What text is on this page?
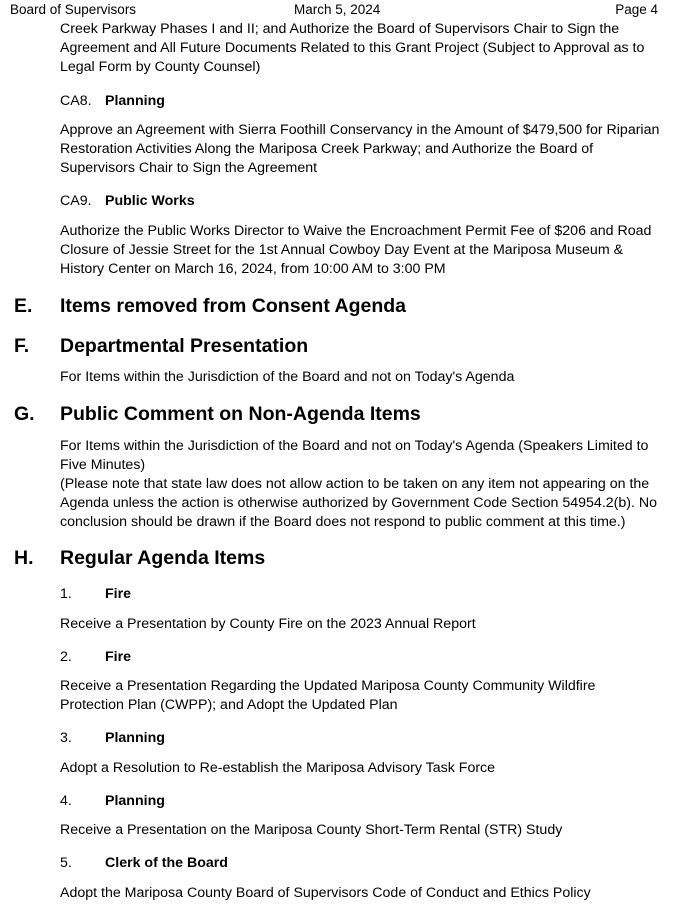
Board of Supervisors	March 5, 2024	Page 4

Creek Parkway Phases I and II; and Authorize the Board of Supervisors Chair to Sign the Agreement and All Future Documents Related to this Grant Project (Subject to Approval as to Legal Form by County Counsel)

CA8. Planning

Approve an Agreement with Sierra Foothill Conservancy in the Amount of $479,500 for Riparian Restoration Activities Along the Mariposa Creek Parkway; and Authorize the Board of Supervisors Chair to Sign the Agreement

CA9. Public Works

Authorize the Public Works Director to Waive the Encroachment Permit Fee of $206 and Road Closure of Jessie Street for the 1st Annual Cowboy Day Event at the Mariposa Museum & History Center on March 16, 2024, from 10:00 AM to 3:00 PM

E. Items removed from Consent Agenda
F. Departmental Presentation

For Items within the Jurisdiction of the Board and not on Today's Agenda

G. Public Comment on Non-Agenda Items

For Items within the Jurisdiction of the Board and not on Today's Agenda (Speakers Limited to Five Minutes)

(Please note that state law does not allow action to be taken on any item not appearing on the Agenda unless the action is otherwise authorized by Government Code Section 54954.2(b). No conclusion should be drawn if the Board does not respond to public comment at this time.)

H. Regular Agenda Items
1. Fire

Receive a Presentation by County Fire on the 2023 Annual Report

2. Fire

Receive a Presentation Regarding the Updated Mariposa County Community Wildfire Protection Plan (CWPP); and Adopt the Updated Plan

3. Planning

Adopt a Resolution to Re-establish the Mariposa Advisory Task Force

4. Planning

Receive a Presentation on the Mariposa County Short-Term Rental (STR) Study

5. Clerk of the Board

Adopt the Mariposa County Board of Supervisors Code of Conduct and Ethics Policy
